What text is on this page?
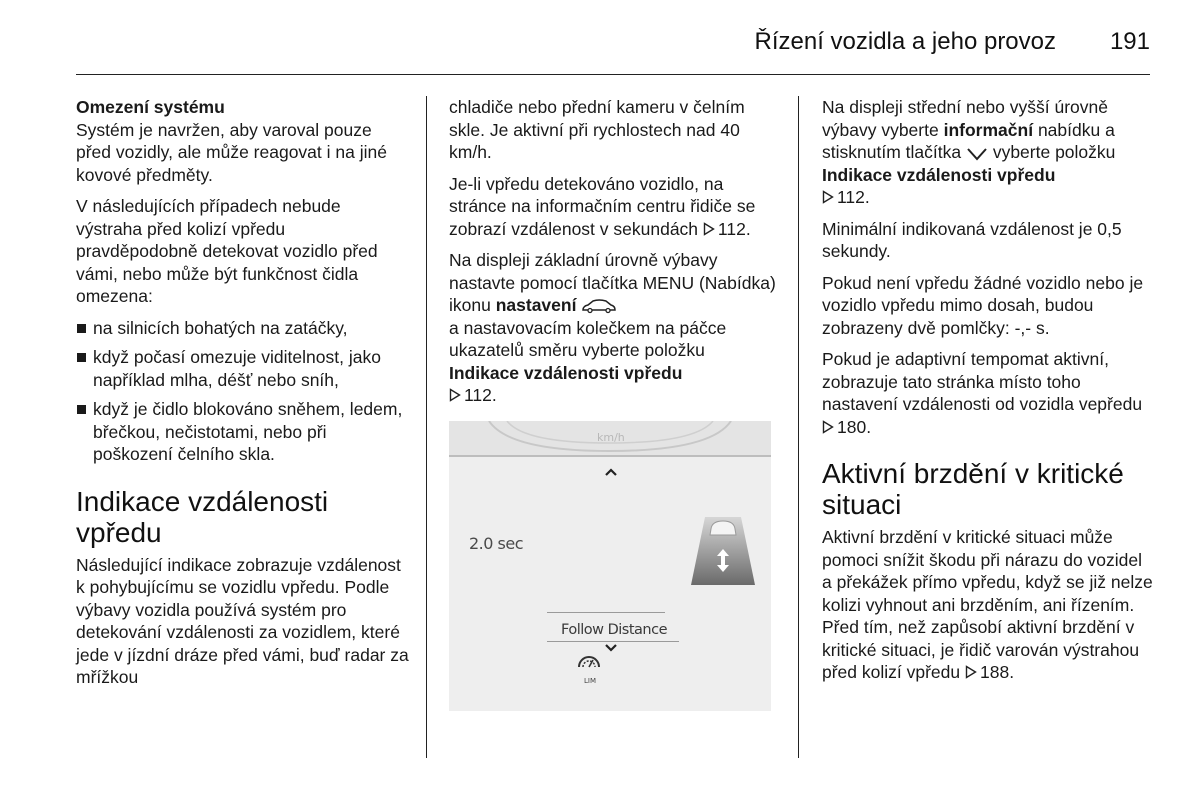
Řízení vozidla a jeho provoz 191

Omezení systému

Systém je navržen, aby varoval pouze před vozidly, ale může reagovat i na jiné kovové předměty.

V následujících případech nebude výstraha před kolizí vpředu pravděpodobně detekovat vozidlo před vámi, nebo může být funkčnost čidla omezena:

na silnicích bohatých na zatáčky,
když počasí omezuje viditelnost, jako například mlha, déšť nebo sníh,
když je čidlo blokováno sněhem, ledem, břečkou, nečistotami, nebo při poškození čelního skla.
Indikace vzdálenosti vpředu

Následující indikace zobrazuje vzdálenost k pohybujícímu se vozidlu vpředu. Podle výbavy vozidla používá systém pro detekování vzdálenosti za vozidlem, které jede v jízdní dráze před vámi, buď radar za mřížkou

chladiče nebo přední kameru v čelním skle. Je aktivní při rychlostech nad 40 km/h.

Je-li vpředu detekováno vozidlo, na stránce na informačním centru řidiče se zobrazí vzdálenost v sekundách 112.

Na displeji základní úrovně výbavy nastavte pomocí tlačítka MENU (Nabídka) ikonu nastavení
a nastavovacím kolečkem na páčce ukazatelů směru vyberte položku Indikace vzdálenosti vpředu
112.

km/h
2.0 sec
Follow Distance
LIM

Na displeji střední nebo vyšší úrovně výbavy vyberte informační nabídku a stisknutím tlačítka vyberte položku Indikace vzdálenosti vpředu
112.

Minimální indikovaná vzdálenost je 0,5 sekundy.

Pokud není vpředu žádné vozidlo nebo je vozidlo vpředu mimo dosah, budou zobrazeny dvě pomlčky: -,- s.

Pokud je adaptivní tempomat aktivní, zobrazuje tato stránka místo toho nastavení vzdálenosti od vozidla vepředu 180.

Aktivní brzdění v kritické situaci

Aktivní brzdění v kritické situaci může pomoci snížit škodu při nárazu do vozidel a překážek přímo vpředu, když se již nelze kolizi vyhnout ani brzděním, ani řízením. Před tím, než zapůsobí aktivní brzdění v kritické situaci, je řidič varován výstrahou před kolizí vpředu 188.
